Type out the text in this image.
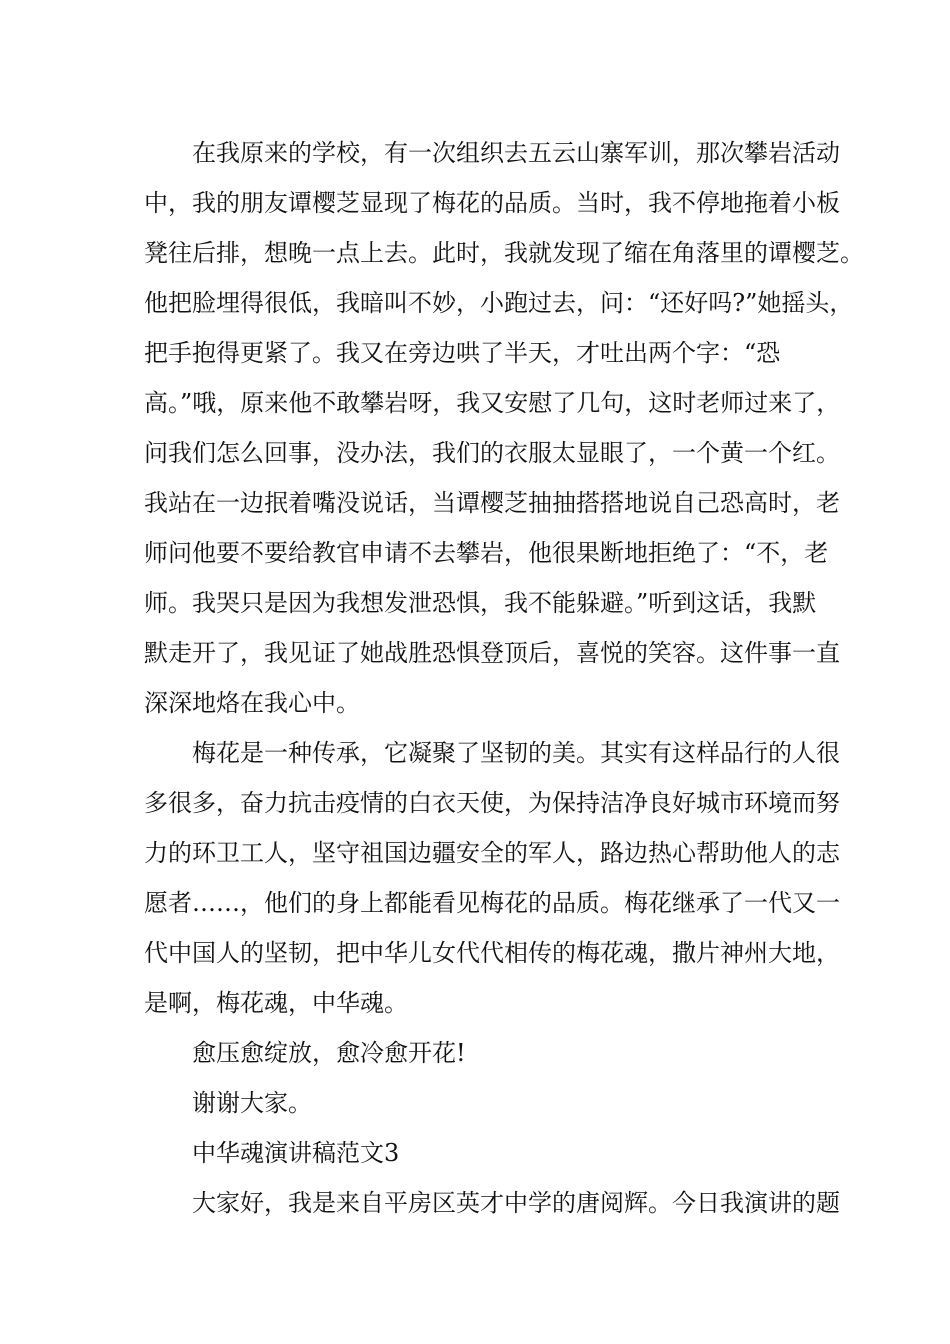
在我原来的学校，有一次组织去五云山寨军训，那次攀岩活动
中，我的朋友谭樱芝显现了梅花的品质。当时，我不停地拖着小板
凳往后排，想晚一点上去。此时，我就发现了缩在角落里的谭樱芝。
他把脸埋得很低，我暗叫不妙，小跑过去，问：“还好吗?”她摇头，
把手抱得更紧了。我又在旁边哄了半天，才吐出两个字：“恐
高。”哦，原来他不敢攀岩呀，我又安慰了几句，这时老师过来了，
问我们怎么回事，没办法，我们的衣服太显眼了，一个黄一个红。
我站在一边抿着嘴没说话，当谭樱芝抽抽搭搭地说自己恐高时，老
师问他要不要给教官申请不去攀岩，他很果断地拒绝了：“不，老
师。我哭只是因为我想发泄恐惧，我不能躲避。”听到这话，我默
默走开了，我见证了她战胜恐惧登顶后，喜悦的笑容。这件事一直
深深地烙在我心中。
梅花是一种传承，它凝聚了坚韧的美。其实有这样品行的人很
多很多，奋力抗击疫情的白衣天使，为保持洁净良好城市环境而努
力的环卫工人，坚守祖国边疆安全的军人，路边热心帮助他人的志
愿者……，他们的身上都能看见梅花的品质。梅花继承了一代又一
代中国人的坚韧，把中华儿女代代相传的梅花魂，撒片神州大地，
是啊，梅花魂，中华魂。
愈压愈绽放，愈冷愈开花!
谢谢大家。
中华魂演讲稿范文3
大家好，我是来自平房区英才中学的唐阅辉。今日我演讲的题
